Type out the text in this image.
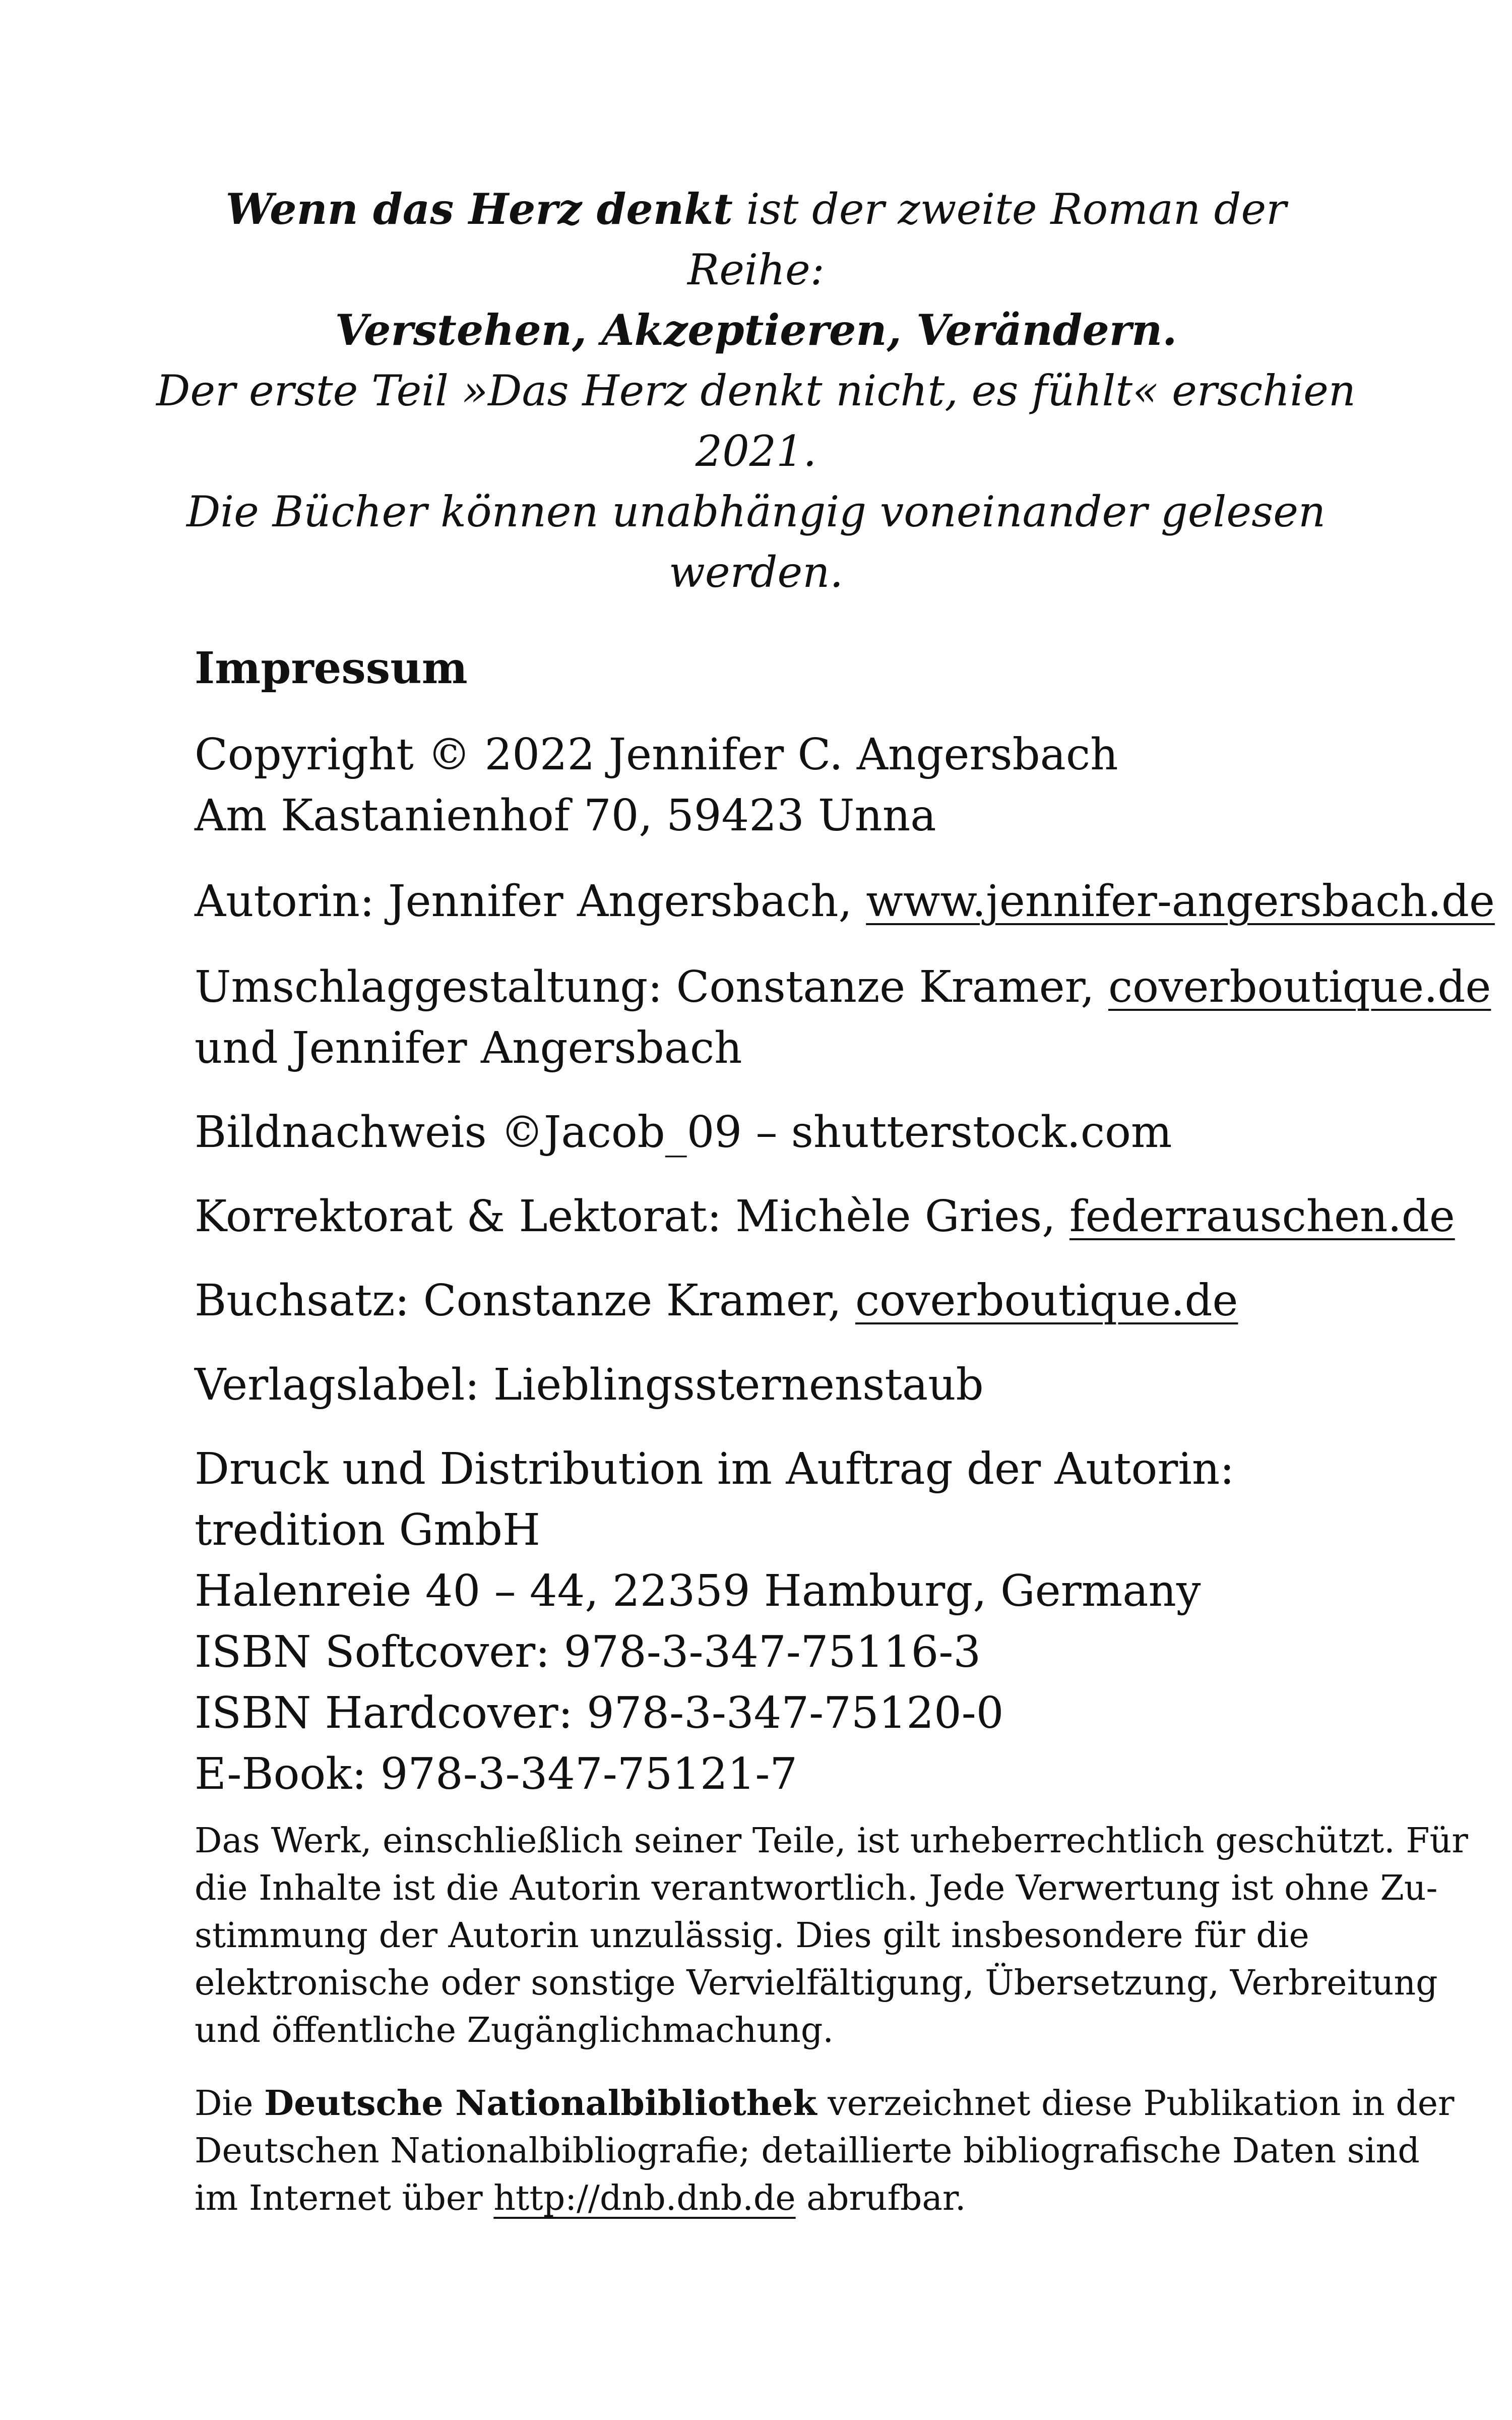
Wenn das Herz denkt ist der zweite Roman der Reihe:
Verstehen, Akzeptieren, Verändern.
Der erste Teil »Das Herz denkt nicht, es fühlt« erschien 2021.
Die Bücher können unabhängig voneinander gelesen werden.
Impressum
Copyright © 2022 Jennifer C. Angersbach
Am Kastanienhof 70, 59423 Unna
Autorin: Jennifer Angersbach, www.jennifer-angersbach.de
Umschlaggestaltung: Constanze Kramer, coverboutique.de
und Jennifer Angersbach
Bildnachweis ©Jacob_09 – shutterstock.com
Korrektorat & Lektorat: Michèle Gries, federrauschen.de
Buchsatz: Constanze Kramer, coverboutique.de
Verlagslabel: Lieblingssternenstaub
Druck und Distribution im Auftrag der Autorin:
tredition GmbH
Halenreie 40 – 44, 22359 Hamburg, Germany
ISBN Softcover: 978-3-347-75116-3
ISBN Hardcover: 978-3-347-75120-0
E-Book: 978-3-347-75121-7
Das Werk, einschließlich seiner Teile, ist urheberrechtlich geschützt. Für
die Inhalte ist die Autorin verantwortlich. Jede Verwertung ist ohne Zu-
stimmung der Autorin unzulässig. Dies gilt insbesondere für die
elektronische oder sonstige Vervielfältigung, Übersetzung, Verbreitung
und öffentliche Zugänglichmachung.
Die Deutsche Nationalbibliothek verzeichnet diese Publikation in der
Deutschen Nationalbibliografie; detaillierte bibliografische Daten sind
im Internet über http://dnb.dnb.de abrufbar.
